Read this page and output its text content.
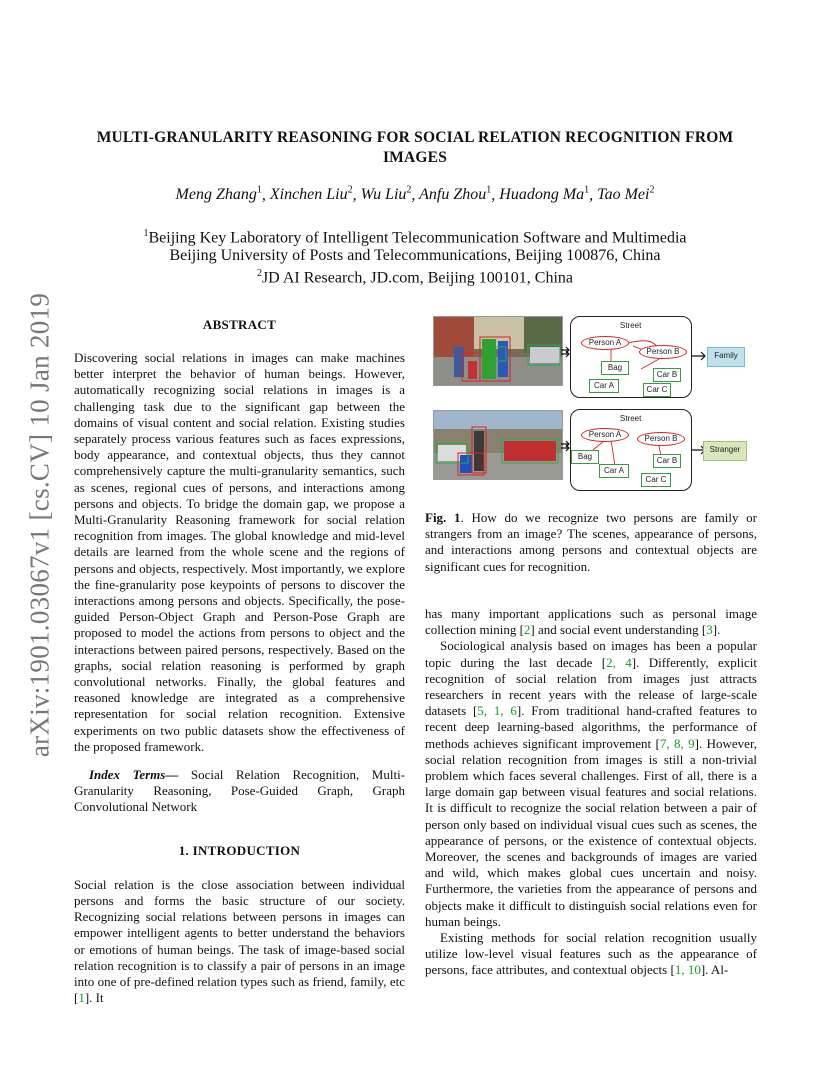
arXiv:1901.03067v1 [cs.CV] 10 Jan 2019
MULTI-GRANULARITY REASONING FOR SOCIAL RELATION RECOGNITION FROM
IMAGES
Meng Zhang$^1$, Xinchen Liu$^2$, Wu Liu$^2$, Anfu Zhou$^1$, Huadong Ma$^1$, Tao Mei$^2$
$^1$Beijing Key Laboratory of Intelligent Telecommunication Software and Multimedia
Beijing University of Posts and Telecommunications, Beijing 100876, China
$^2$JD AI Research, JD.com, Beijing 100101, China
ABSTRACT

Discovering social relations in images can make machines better interpret the behavior of human beings. However, automatically recognizing social relations in images is a challenging task due to the significant gap between the domains of visual content and social relation. Existing studies separately process various features such as faces expressions, body appearance, and contextual objects, thus they cannot comprehensively capture the multi-granularity semantics, such as scenes, regional cues of persons, and interactions among persons and objects. To bridge the domain gap, we propose a Multi-Granularity Reasoning framework for social relation recognition from images. The global knowledge and mid-level details are learned from the whole scene and the regions of persons and objects, respectively. Most importantly, we explore the fine-granularity pose keypoints of persons to discover the interactions among persons and objects. Specifically, the pose-guided Person-Object Graph and Person-Pose Graph are proposed to model the actions from persons to object and the interactions between paired persons, respectively. Based on the graphs, social relation reasoning is performed by graph convolutional networks. Finally, the global features and reasoned knowledge are integrated as a comprehensive representation for social relation recognition. Extensive experiments on two public datasets show the effectiveness of the proposed framework.

Index Terms— Social Relation Recognition, Multi-Granularity Reasoning, Pose-Guided Graph, Graph Convolutional Network

1. INTRODUCTION

Social relation is the close association between individual persons and forms the basic structure of our society. Recognizing social relations between persons in images can empower intelligent agents to better understand the behaviors or emotions of human beings. The task of image-based social relation recognition is to classify a pair of persons in an image into one of pre-defined relation types such as friend, family, etc [1]. It

Street
Person A
Person B
Bag
Car B
Car A	Car C
Street
Person A	Person B
Bag	Car B
Car A
Car C
Family
Stranger
Fig. 1. How do we recognize two persons are family or strangers from an image? The scenes, appearance of persons, and interactions among persons and contextual objects are significant cues for recognition.

has many important applications such as personal image collection mining [2] and social event understanding [3].

Sociological analysis based on images has been a popular topic during the last decade [2, 4]. Differently, explicit recognition of social relation from images just attracts researchers in recent years with the release of large-scale datasets [5, 1, 6]. From traditional hand-crafted features to recent deep learning-based algorithms, the performance of methods achieves significant improvement [7, 8, 9]. However, social relation recognition from images is still a non-trivial problem which faces several challenges. First of all, there is a large domain gap between visual features and social relations. It is difficult to recognize the social relation between a pair of person only based on individual visual cues such as scenes, the appearance of persons, or the existence of contextual objects. Moreover, the scenes and backgrounds of images are varied and wild, which makes global cues uncertain and noisy. Furthermore, the varieties from the appearance of persons and objects make it difficult to distinguish social relations even for human beings.

Existing methods for social relation recognition usually utilize low-level visual features such as the appearance of persons, face attributes, and contextual objects [1, 10]. Al-
